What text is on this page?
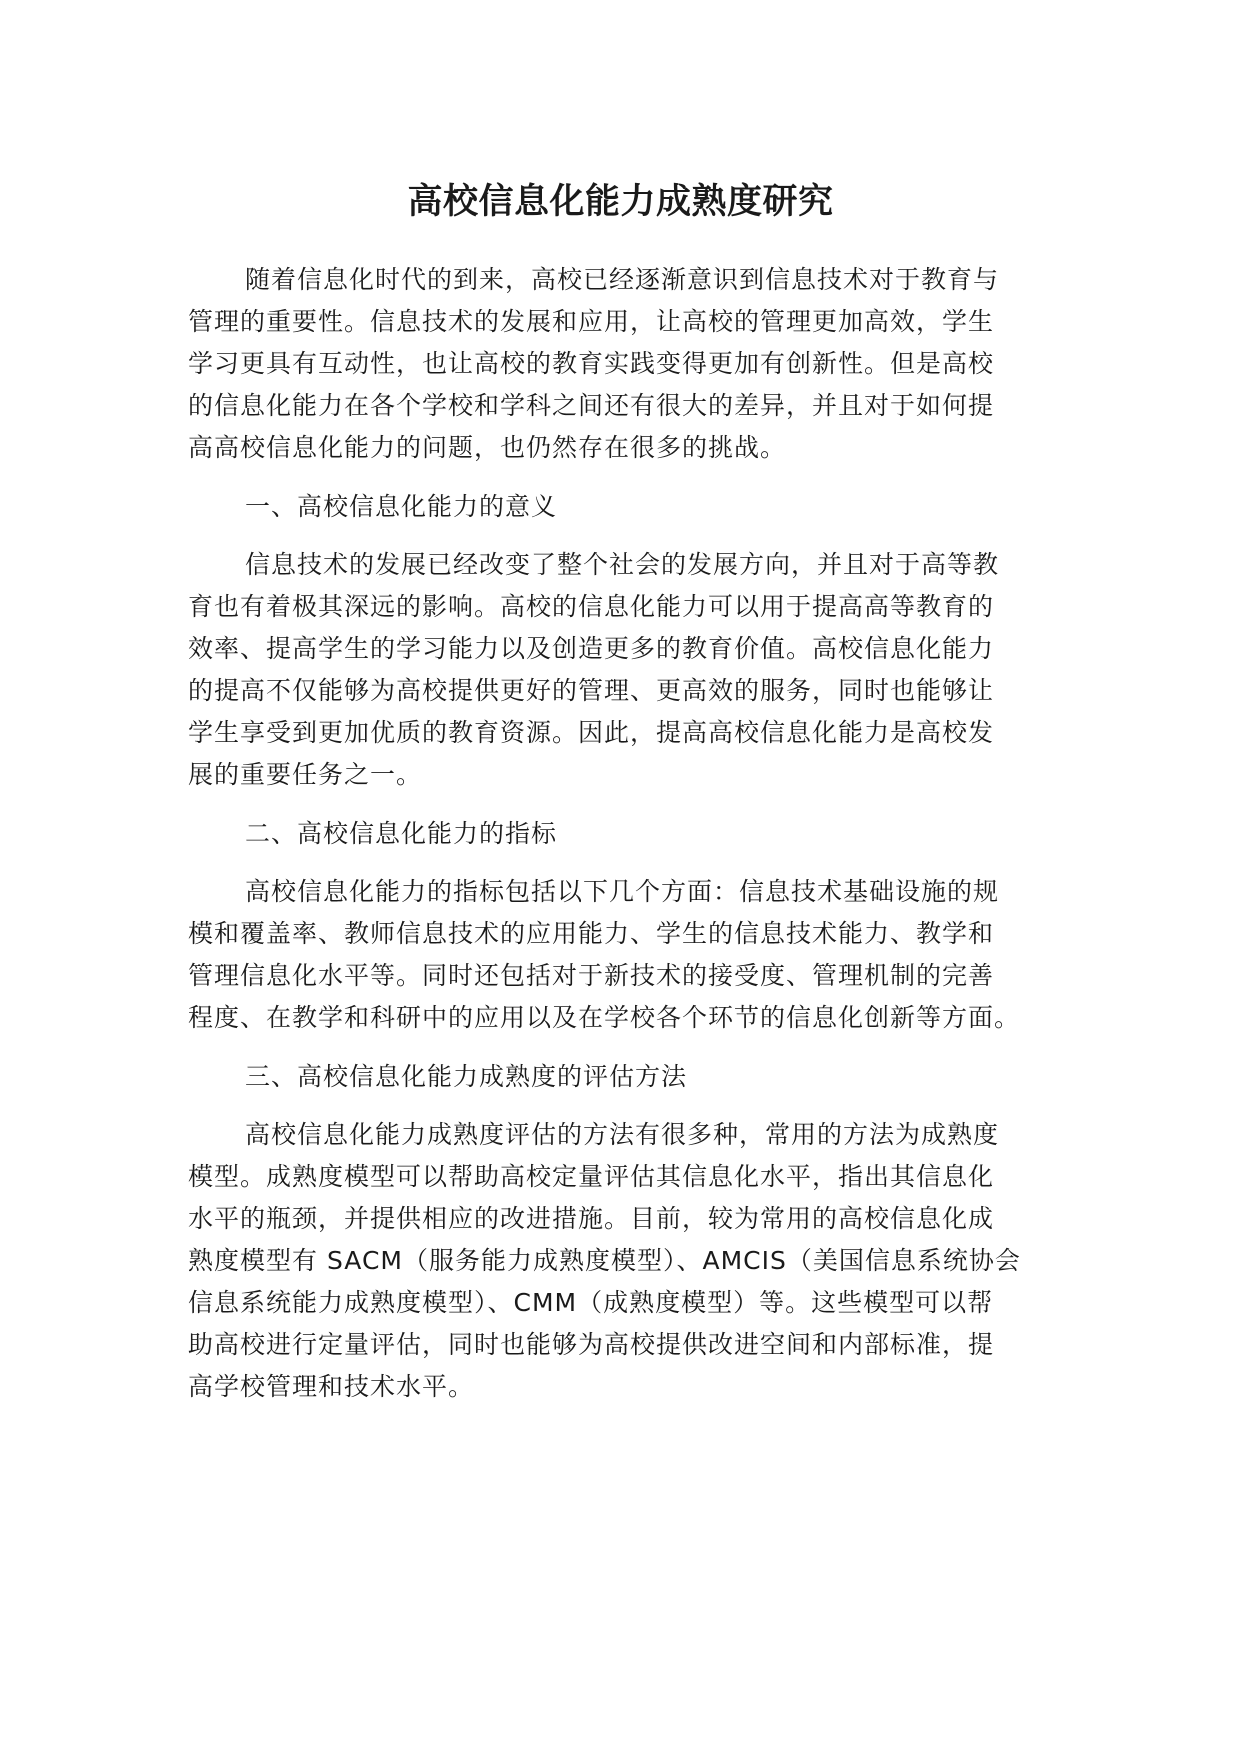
高校信息化能力成熟度研究
随着信息化时代的到来，高校已经逐渐意识到信息技术对于教育与
管理的重要性。信息技术的发展和应用，让高校的管理更加高效，学生
学习更具有互动性，也让高校的教育实践变得更加有创新性。但是高校
的信息化能力在各个学校和学科之间还有很大的差异，并且对于如何提
高高校信息化能力的问题，也仍然存在很多的挑战。
一、高校信息化能力的意义
信息技术的发展已经改变了整个社会的发展方向，并且对于高等教
育也有着极其深远的影响。高校的信息化能力可以用于提高高等教育的
效率、提高学生的学习能力以及创造更多的教育价值。高校信息化能力
的提高不仅能够为高校提供更好的管理、更高效的服务，同时也能够让
学生享受到更加优质的教育资源。因此，提高高校信息化能力是高校发
展的重要任务之一。
二、高校信息化能力的指标
高校信息化能力的指标包括以下几个方面：信息技术基础设施的规
模和覆盖率、教师信息技术的应用能力、学生的信息技术能力、教学和
管理信息化水平等。同时还包括对于新技术的接受度、管理机制的完善
程度、在教学和科研中的应用以及在学校各个环节的信息化创新等方面。
三、高校信息化能力成熟度的评估方法
高校信息化能力成熟度评估的方法有很多种，常用的方法为成熟度
模型。成熟度模型可以帮助高校定量评估其信息化水平，指出其信息化
水平的瓶颈，并提供相应的改进措施。目前，较为常用的高校信息化成
熟度模型有 SACM（服务能力成熟度模型）、AMCIS（美国信息系统协会
信息系统能力成熟度模型）、CMM（成熟度模型）等。这些模型可以帮
助高校进行定量评估，同时也能够为高校提供改进空间和内部标准，提
高学校管理和技术水平。
